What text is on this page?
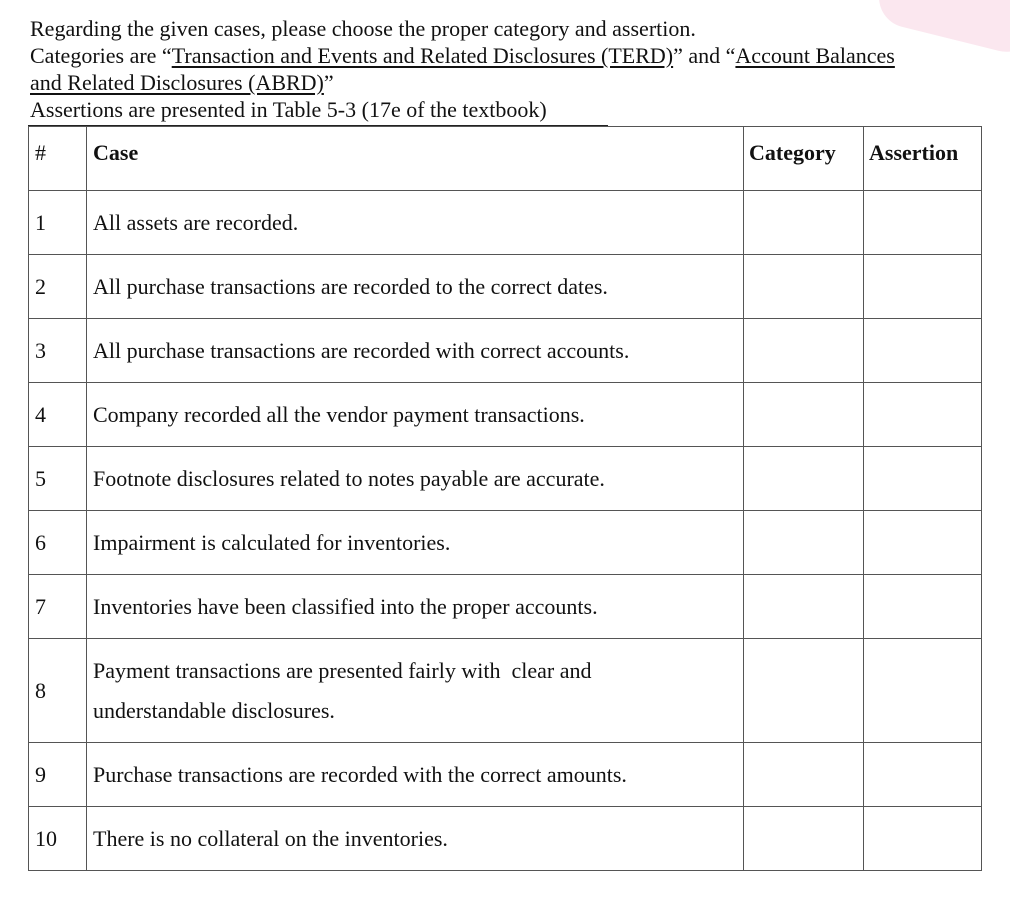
Regarding the given cases, please choose the proper category and assertion.
Categories are “Transaction and Events and Related Disclosures (TERD)” and “Account Balances
and Related Disclosures (ABRD)”
Assertions are presented in Table 5-3 (17e of the textbook)
#	Case	Category	Assertion
1	All assets are recorded.		
2	All purchase transactions are recorded to the correct dates.		
3	All purchase transactions are recorded with correct accounts.		
4	Company recorded all the vendor payment transactions.		
5	Footnote disclosures related to notes payable are accurate.		
6	Impairment is calculated for inventories.		
7	Inventories have been classified into the proper accounts.		
8	Payment transactions are presented fairly with  clear and
understandable disclosures.		

9	Purchase transactions are recorded with the correct amounts.		
10	There is no collateral on the inventories.		
